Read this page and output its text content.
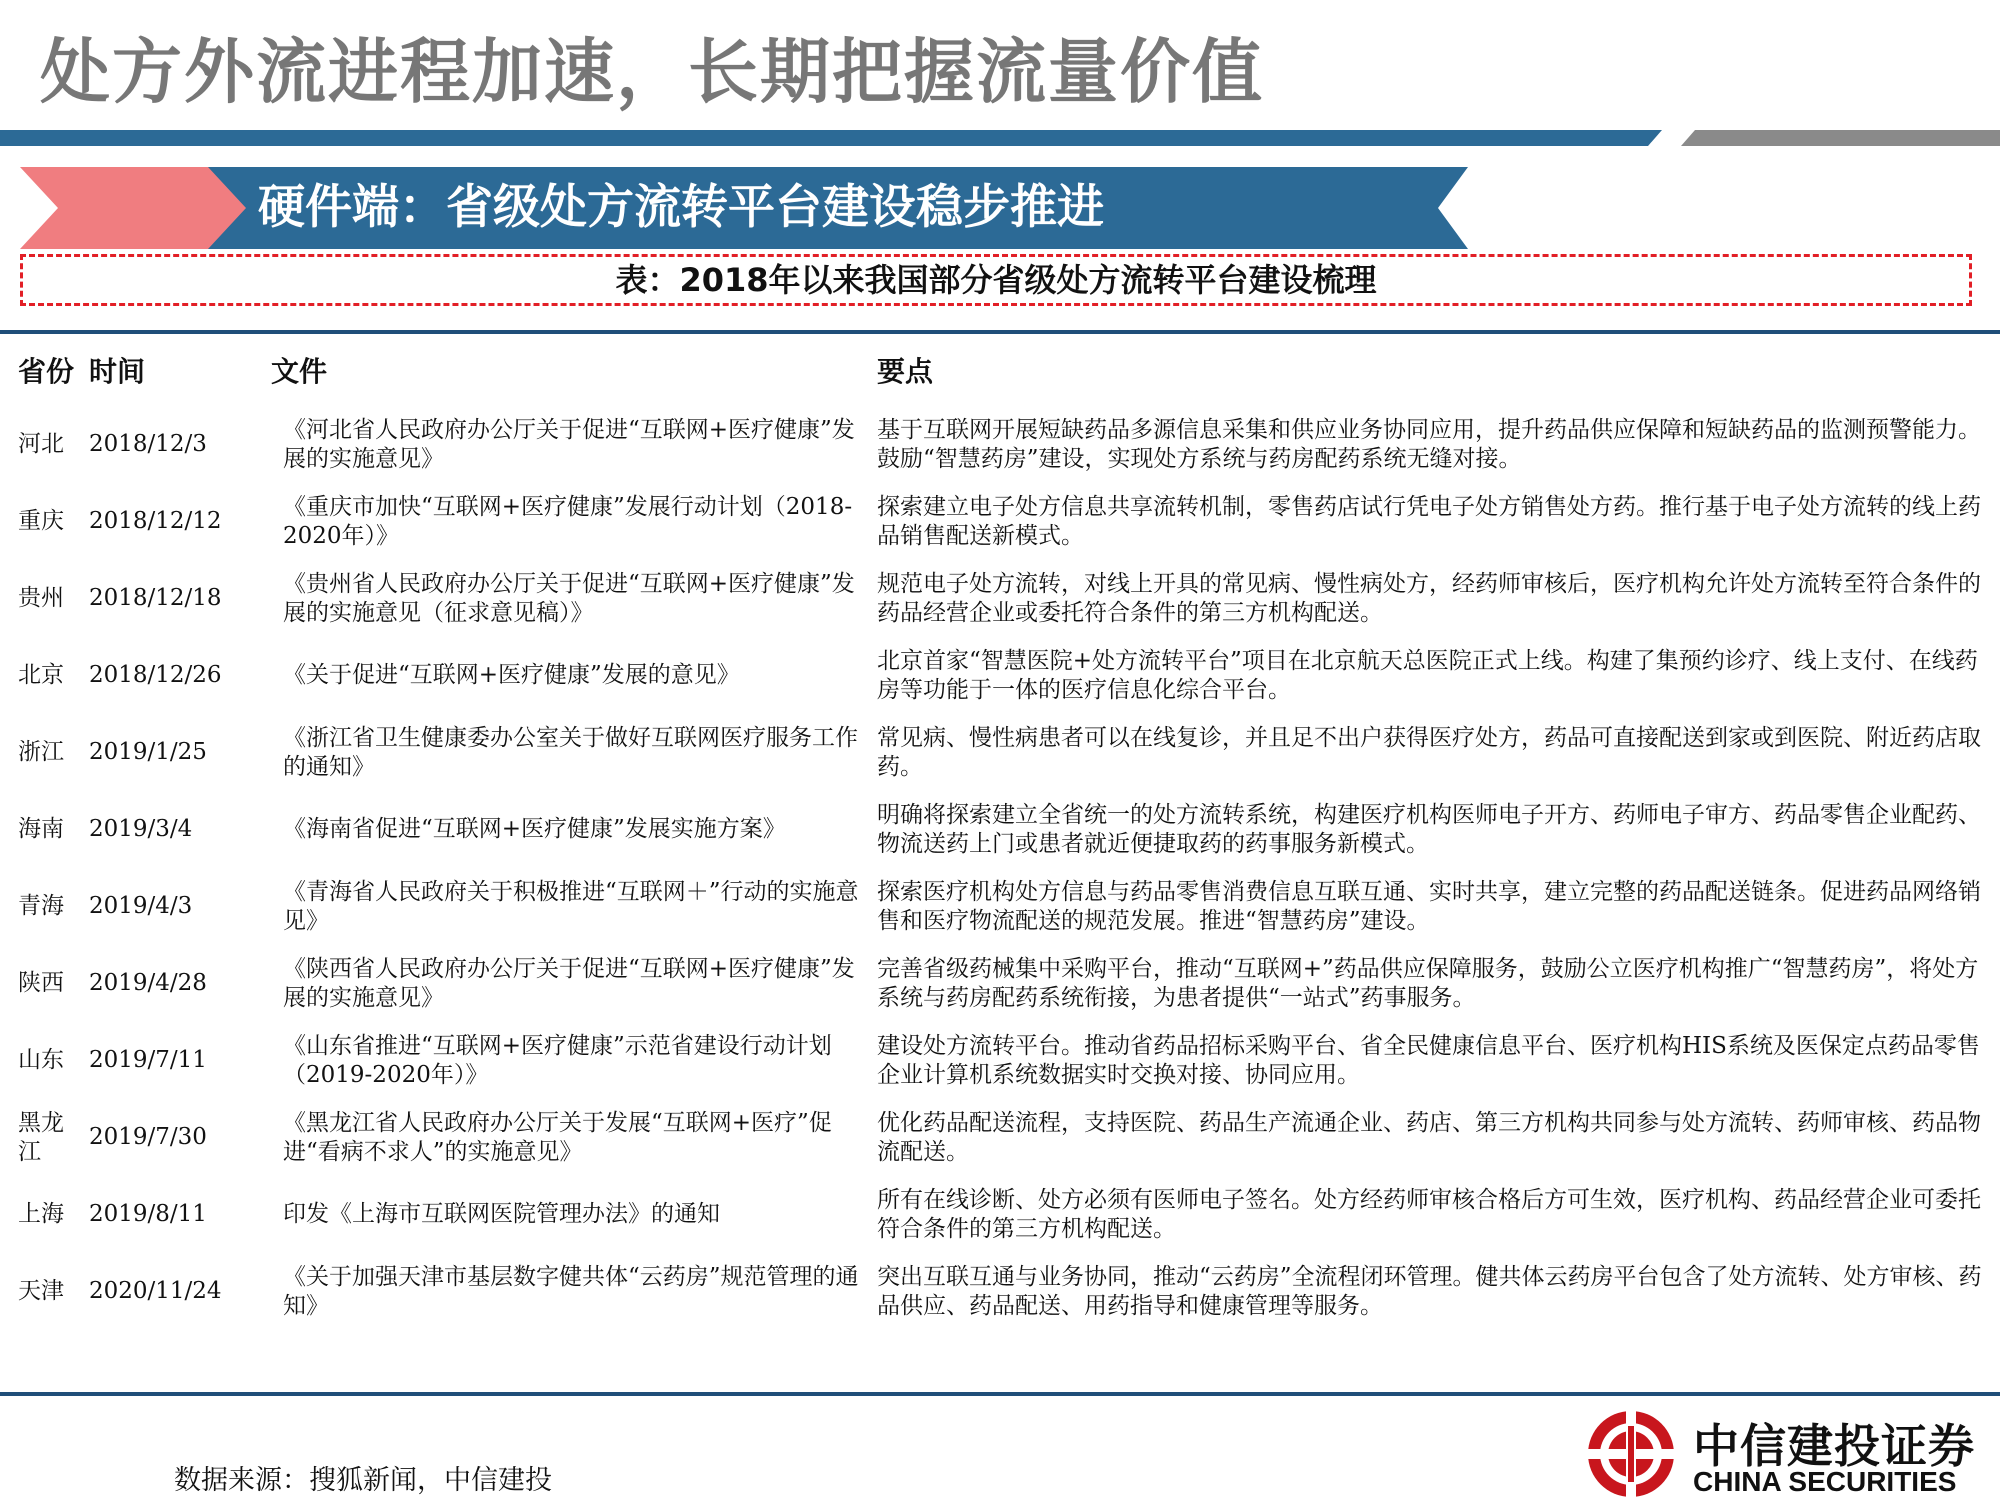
处方外流进程加速，长期把握流量价值
硬件端：省级处方流转平台建设稳步推进
表：2018年以来我国部分省级处方流转平台建设梳理
省份	时间	文件	要点
河北	2018/12/3	《河北省人民政府办公厅关于促进“互联网+医疗健康”发展的实施意见》	基于互联网开展短缺药品多源信息采集和供应业务协同应用，提升药品供应保障和短缺药品的监测预警能力。鼓励“智慧药房”建设，实现处方系统与药房配药系统无缝对接。
重庆	2018/12/12	《重庆市加快“互联网+医疗健康”发展行动计划（2018-2020年）》	探索建立电子处方信息共享流转机制，零售药店试行凭电子处方销售处方药。推行基于电子处方流转的线上药品销售配送新模式。
贵州	2018/12/18	《贵州省人民政府办公厅关于促进“互联网+医疗健康”发展的实施意见（征求意见稿）》	规范电子处方流转，对线上开具的常见病、慢性病处方，经药师审核后，医疗机构允许处方流转至符合条件的药品经营企业或委托符合条件的第三方机构配送。
北京	2018/12/26	《关于促进“互联网+医疗健康”发展的意见》	北京首家“智慧医院+处方流转平台”项目在北京航天总医院正式上线。构建了集预约诊疗、线上支付、在线药房等功能于一体的医疗信息化综合平台。
浙江	2019/1/25	《浙江省卫生健康委办公室关于做好互联网医疗服务工作的通知》	常见病、慢性病患者可以在线复诊，并且足不出户获得医疗处方，药品可直接配送到家或到医院、附近药店取药。
海南	2019/3/4	《海南省促进“互联网+医疗健康”发展实施方案》	明确将探索建立全省统一的处方流转系统，构建医疗机构医师电子开方、药师电子审方、药品零售企业配药、物流送药上门或患者就近便捷取药的药事服务新模式。
青海	2019/4/3	《青海省人民政府关于积极推进“互联网＋”行动的实施意见》	探索医疗机构处方信息与药品零售消费信息互联互通、实时共享，建立完整的药品配送链条。促进药品网络销售和医疗物流配送的规范发展。推进“智慧药房”建设。
陕西	2019/4/28	《陕西省人民政府办公厅关于促进“互联网+医疗健康”发展的实施意见》	完善省级药械集中采购平台，推动“互联网+”药品供应保障服务，鼓励公立医疗机构推广“智慧药房”，将处方系统与药房配药系统衔接，为患者提供“一站式”药事服务。
山东	2019/7/11	《山东省推进“互联网+医疗健康”示范省建设行动计划（2019-2020年）》	建设处方流转平台。推动省药品招标采购平台、省全民健康信息平台、医疗机构HIS系统及医保定点药品零售企业计算机系统数据实时交换对接、协同应用。
黑龙江	2019/7/30	《黑龙江省人民政府办公厅关于发展“互联网+医疗”促进“看病不求人”的实施意见》	优化药品配送流程，支持医院、药品生产流通企业、药店、第三方机构共同参与处方流转、药师审核、药品物流配送。
上海	2019/8/11	印发《上海市互联网医院管理办法》的通知	所有在线诊断、处方必须有医师电子签名。处方经药师审核合格后方可生效，医疗机构、药品经营企业可委托符合条件的第三方机构配送。
天津	2020/11/24	《关于加强天津市基层数字健共体“云药房”规范管理的通知》	突出互联互通与业务协同，推动“云药房”全流程闭环管理。健共体云药房平台包含了处方流转、处方审核、药品供应、药品配送、用药指导和健康管理等服务。
数据来源：搜狐新闻，中信建投
中信建投证券
CHINA SECURITIES
